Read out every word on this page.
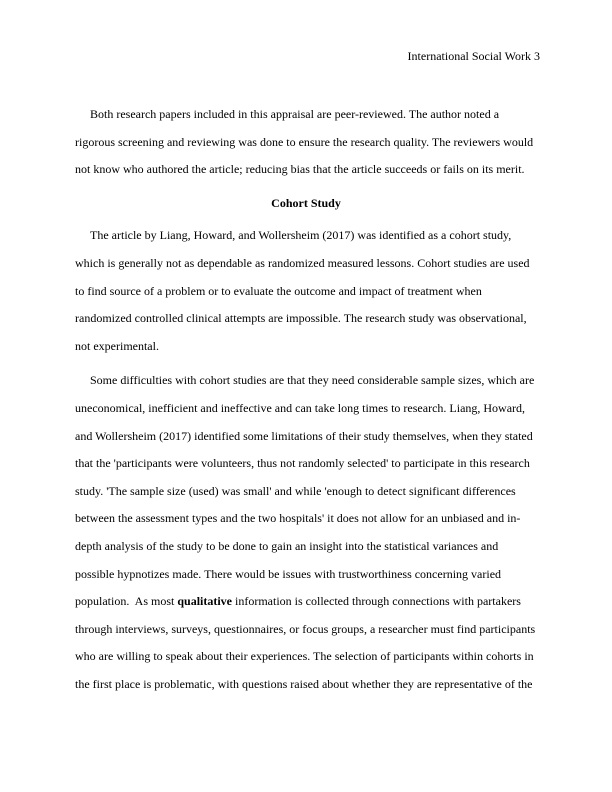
International Social Work 3
Both research papers included in this appraisal are peer-reviewed. The author noted a
rigorous screening and reviewing was done to ensure the research quality. The reviewers would
not know who authored the article; reducing bias that the article succeeds or fails on its merit.
Cohort Study
The article by Liang, Howard, and Wollersheim (2017) was identified as a cohort study,
which is generally not as dependable as randomized measured lessons. Cohort studies are used
to find source of a problem or to evaluate the outcome and impact of treatment when
randomized controlled clinical attempts are impossible. The research study was observational,
not experimental.
Some difficulties with cohort studies are that they need considerable sample sizes, which are
uneconomical, inefficient and ineffective and can take long times to research. Liang, Howard,
and Wollersheim (2017) identified some limitations of their study themselves, when they stated
that the 'participants were volunteers, thus not randomly selected' to participate in this research
study. 'The sample size (used) was small' and while 'enough to detect significant differences
between the assessment types and the two hospitals' it does not allow for an unbiased and in-
depth analysis of the study to be done to gain an insight into the statistical variances and
possible hypnotizes made. There would be issues with trustworthiness concerning varied
population.  As most qualitative information is collected through connections with partakers
through interviews, surveys, questionnaires, or focus groups, a researcher must find participants
who are willing to speak about their experiences. The selection of participants within cohorts in
the first place is problematic, with questions raised about whether they are representative of the
